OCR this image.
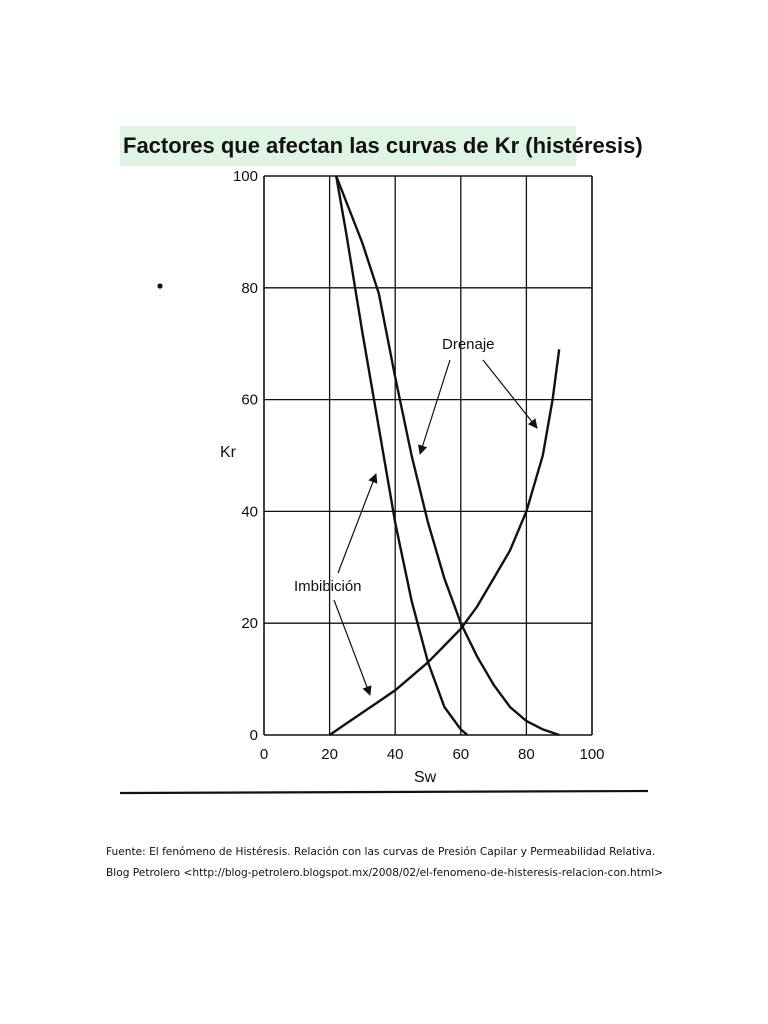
Factores que afectan las curvas de Kr (histéresis)
0	20	40	60	80	100
0
20
40
60
80
100
Kr
Sw
Drenaje
Imbibición

Fuente: El fenómeno de Histéresis. Relación con las curvas de Presión Capilar y Permeabilidad Relativa. Blog Petrolero <http://blog-petrolero.blogspot.mx/2008/02/el-fenomeno-de-histeresis-relacion-con.html>
